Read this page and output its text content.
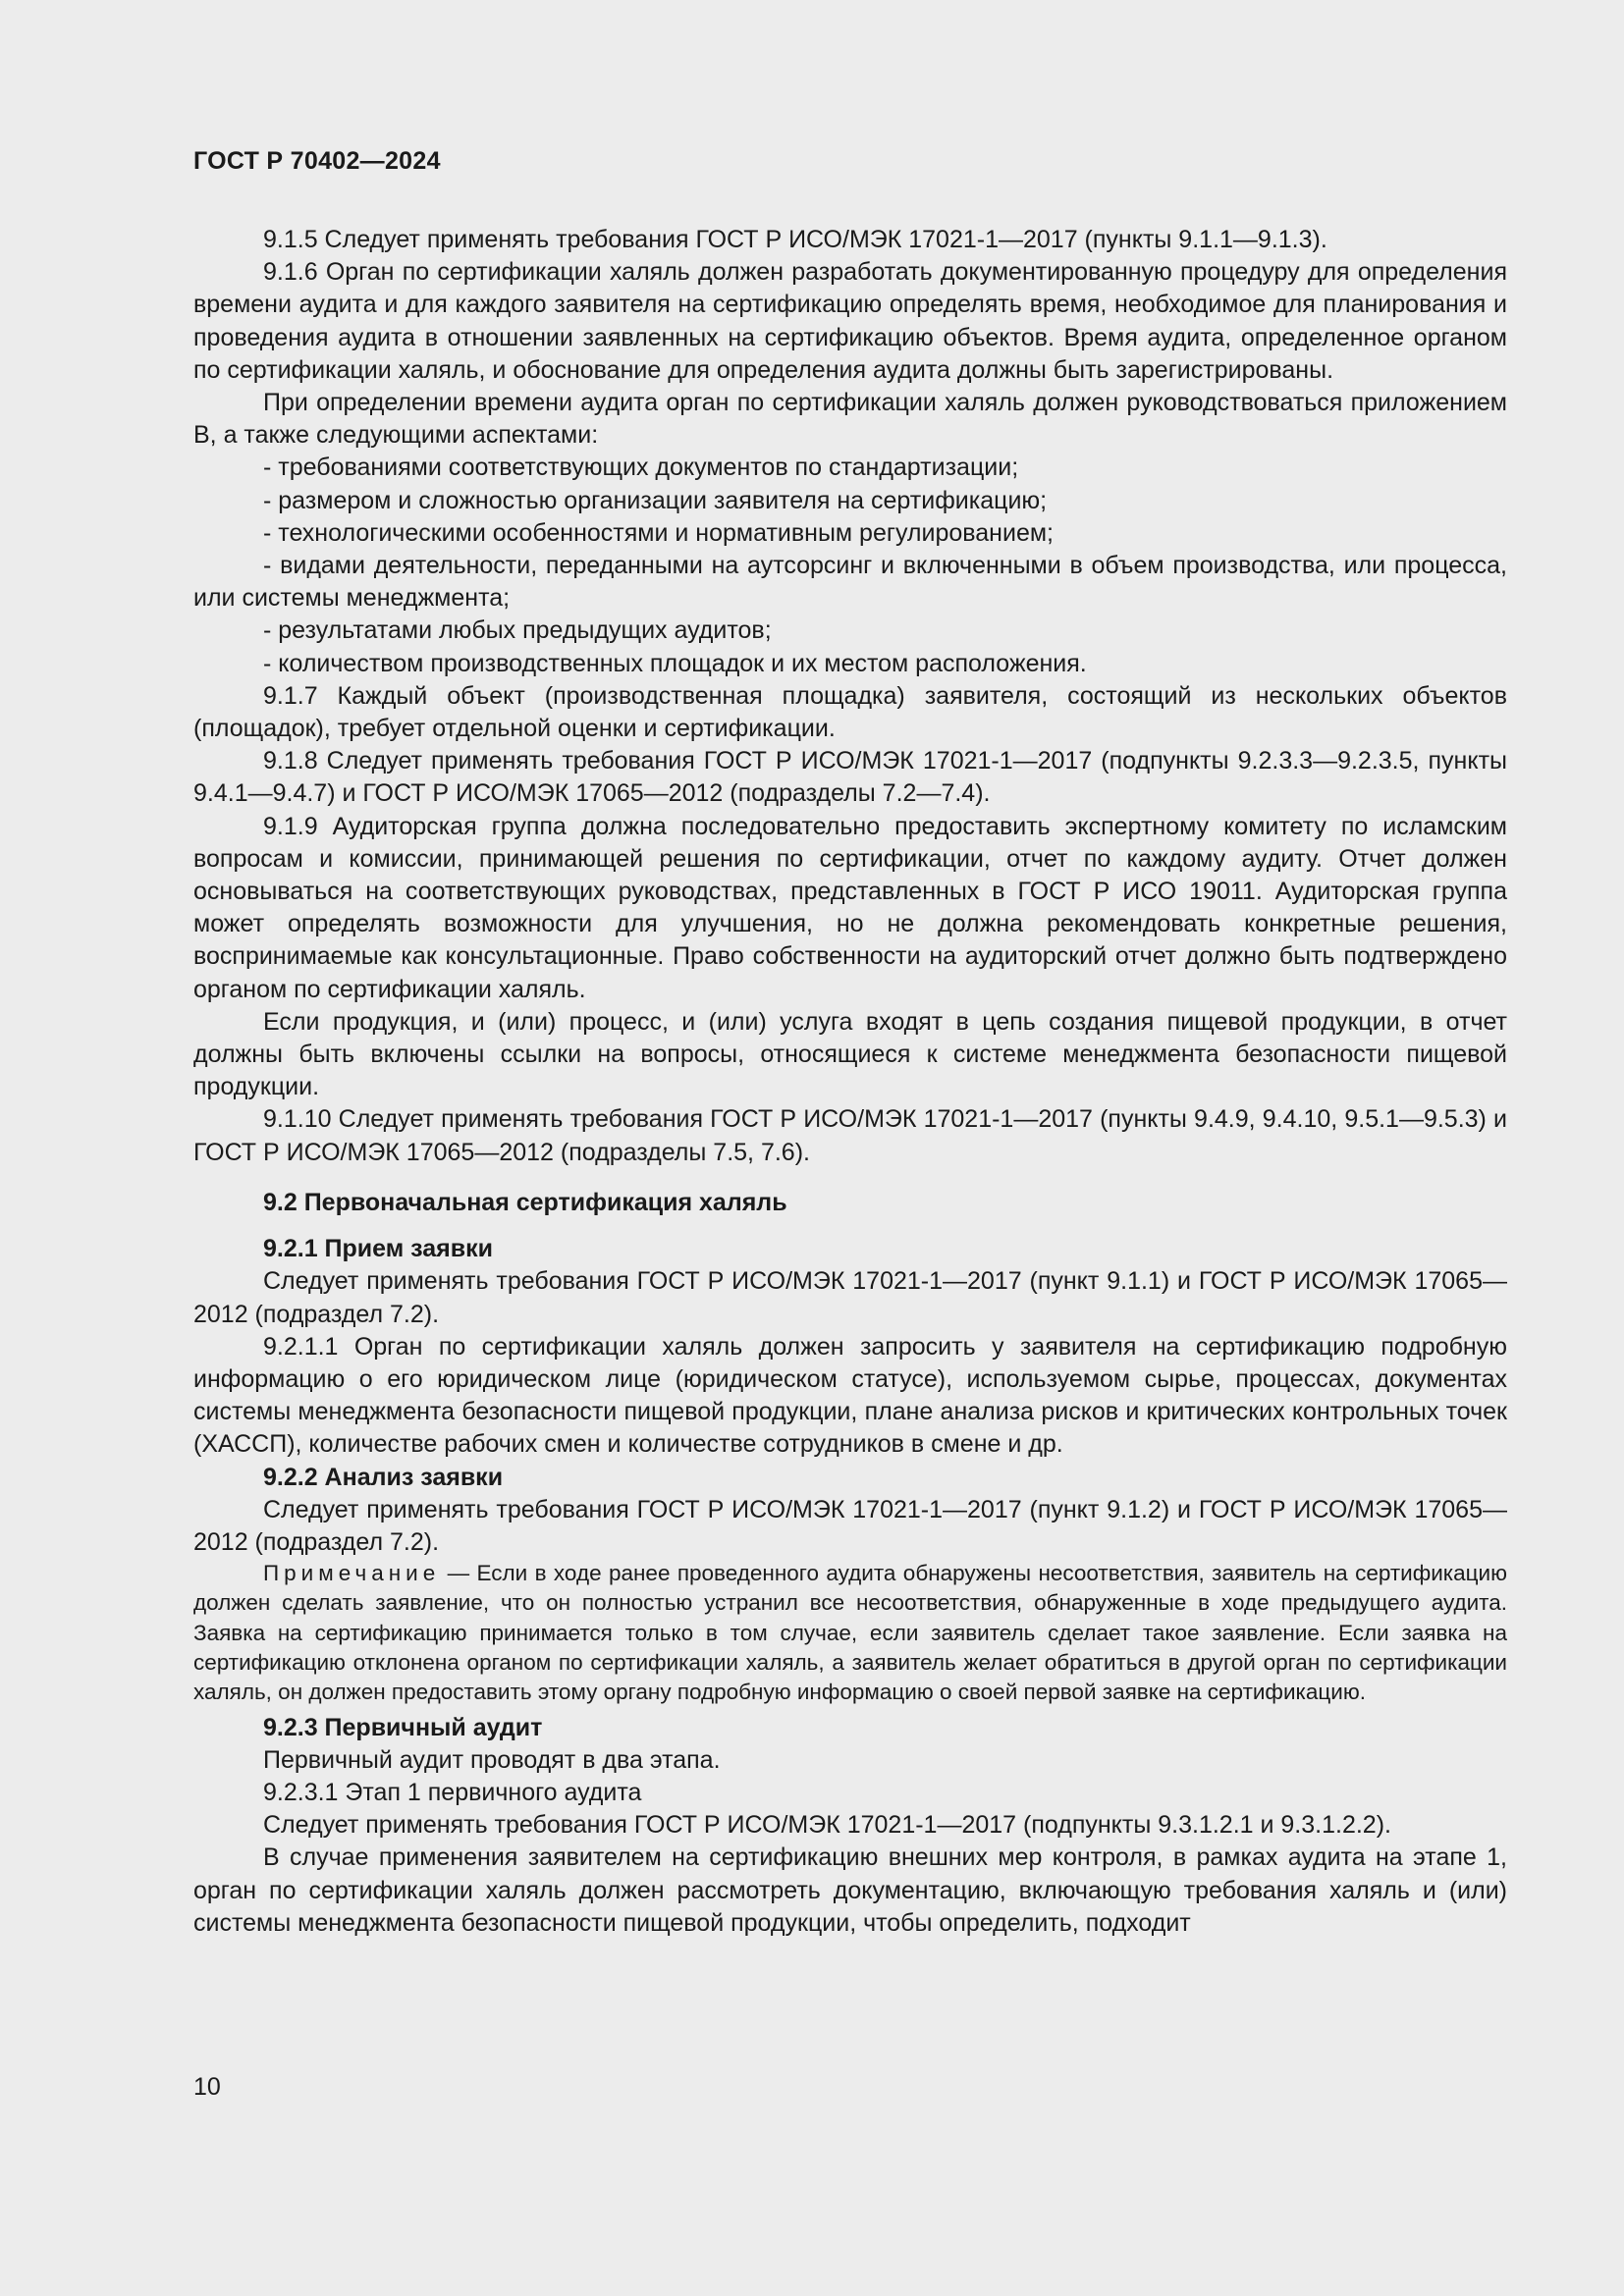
ГОСТ Р 70402—2024

9.1.5 Следует применять требования ГОСТ Р ИСО/МЭК 17021-1—2017 (пункты 9.1.1—9.1.3).

9.1.6 Орган по сертификации халяль должен разработать документированную процедуру для определения времени аудита и для каждого заявителя на сертификацию определять время, необходимое для планирования и проведения аудита в отношении заявленных на сертификацию объектов. Время аудита, определенное органом по сертификации халяль, и обоснование для определения аудита должны быть зарегистрированы.

При определении времени аудита орган по сертификации халяль должен руководствоваться приложением В, а также следующими аспектами:

- требованиями соответствующих документов по стандартизации;

- размером и сложностью организации заявителя на сертификацию;

- технологическими особенностями и нормативным регулированием;

- видами деятельности, переданными на аутсорсинг и включенными в объем производства, или процесса, или системы менеджмента;

- результатами любых предыдущих аудитов;

- количеством производственных площадок и их местом расположения.

9.1.7 Каждый объект (производственная площадка) заявителя, состоящий из нескольких объектов (площадок), требует отдельной оценки и сертификации.

9.1.8 Следует применять требования ГОСТ Р ИСО/МЭК 17021-1—2017 (подпункты 9.2.3.3—9.2.3.5, пункты 9.4.1—9.4.7) и ГОСТ Р ИСО/МЭК 17065—2012 (подразделы 7.2—7.4).

9.1.9 Аудиторская группа должна последовательно предоставить экспертному комитету по исламским вопросам и комиссии, принимающей решения по сертификации, отчет по каждому аудиту. Отчет должен основываться на соответствующих руководствах, представленных в ГОСТ Р ИСО 19011. Аудиторская группа может определять возможности для улучшения, но не должна рекомендовать конкретные решения, воспринимаемые как консультационные. Право собственности на аудиторский отчет должно быть подтверждено органом по сертификации халяль.

Если продукция, и (или) процесс, и (или) услуга входят в цепь создания пищевой продукции, в отчет должны быть включены ссылки на вопросы, относящиеся к системе менеджмента безопасности пищевой продукции.

9.1.10 Следует применять требования ГОСТ Р ИСО/МЭК 17021-1—2017 (пункты 9.4.9, 9.4.10, 9.5.1—9.5.3) и ГОСТ Р ИСО/МЭК 17065—2012 (подразделы 7.5, 7.6).

9.2 Первоначальная сертификация халяль
9.2.1 Прием заявки

Следует применять требования ГОСТ Р ИСО/МЭК 17021-1—2017 (пункт 9.1.1) и ГОСТ Р ИСО/МЭК 17065—2012 (подраздел 7.2).

9.2.1.1 Орган по сертификации халяль должен запросить у заявителя на сертификацию подробную информацию о его юридическом лице (юридическом статусе), используемом сырье, процессах, документах системы менеджмента безопасности пищевой продукции, плане анализа рисков и критических контрольных точек (ХАССП), количестве рабочих смен и количестве сотрудников в смене и др.

9.2.2 Анализ заявки

Следует применять требования ГОСТ Р ИСО/МЭК 17021-1—2017 (пункт 9.1.2) и ГОСТ Р ИСО/МЭК 17065—2012 (подраздел 7.2).

Примечание — Если в ходе ранее проведенного аудита обнаружены несоответствия, заявитель на сертификацию должен сделать заявление, что он полностью устранил все несоответствия, обнаруженные в ходе предыдущего аудита. Заявка на сертификацию принимается только в том случае, если заявитель сделает такое заявление. Если заявка на сертификацию отклонена органом по сертификации халяль, а заявитель желает обратиться в другой орган по сертификации халяль, он должен предоставить этому органу подробную информацию о своей первой заявке на сертификацию.

9.2.3 Первичный аудит

Первичный аудит проводят в два этапа.

9.2.3.1 Этап 1 первичного аудита

Следует применять требования ГОСТ Р ИСО/МЭК 17021-1—2017 (подпункты 9.3.1.2.1 и 9.3.1.2.2).

В случае применения заявителем на сертификацию внешних мер контроля, в рамках аудита на этапе 1, орган по сертификации халяль должен рассмотреть документацию, включающую требования халяль и (или) системы менеджмента безопасности пищевой продукции, чтобы определить, подходит

10
